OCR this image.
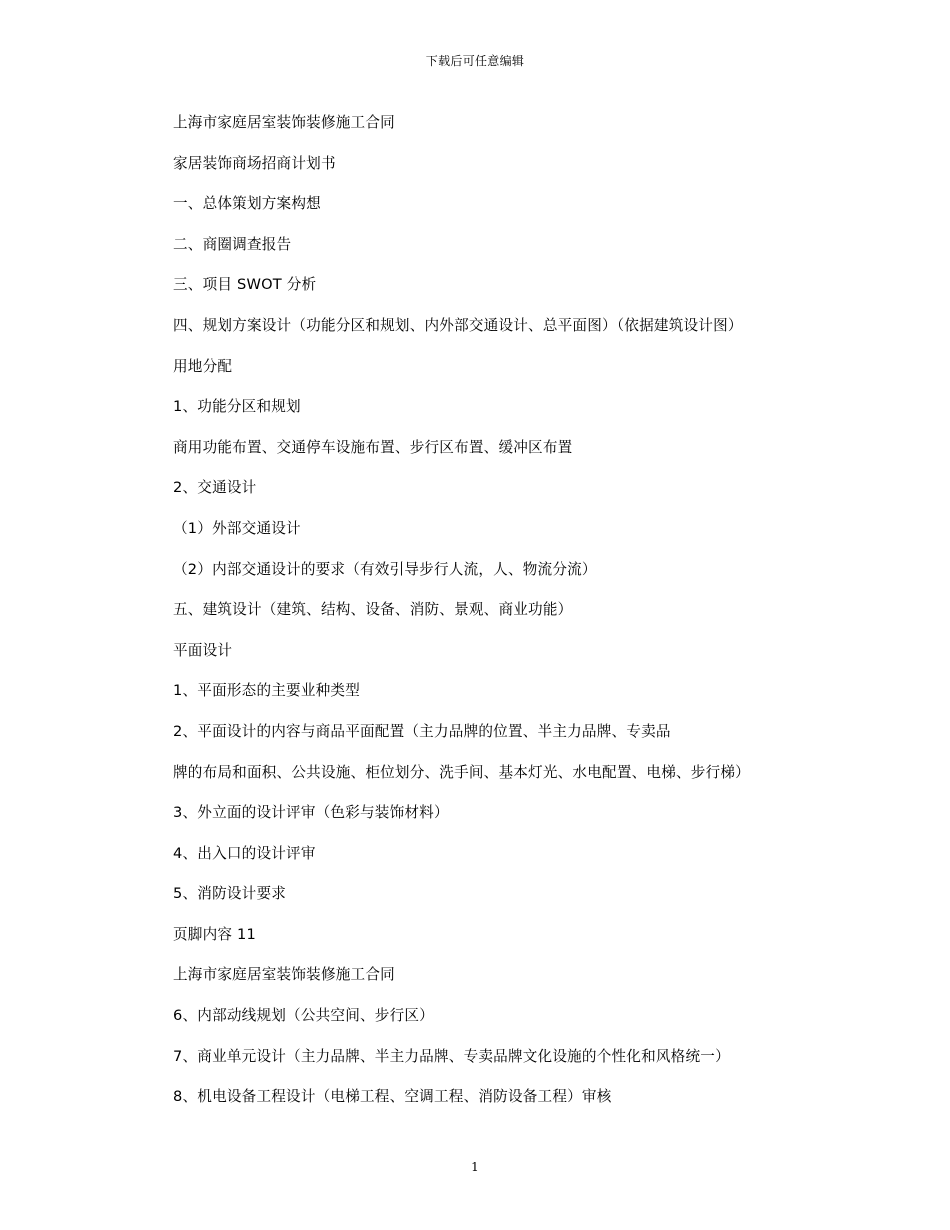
下载后可任意编辑
上海市家庭居室装饰装修施工合同
家居装饰商场招商计划书
一、总体策划方案构想
二、商圈调查报告
三、项目 SWOT 分析
四、规划方案设计（功能分区和规划、内外部交通设计、总平面图）（依据建筑设计图）
用地分配
1、功能分区和规划
商用功能布置、交通停车设施布置、步行区布置、缓冲区布置
2、交通设计
（1）外部交通设计
（2）内部交通设计的要求（有效引导步行人流，人、物流分流）
五、建筑设计（建筑、结构、设备、消防、景观、商业功能）
平面设计
1、平面形态的主要业种类型
2、平面设计的内容与商品平面配置（主力品牌的位置、半主力品牌、专卖品
牌的布局和面积、公共设施、柜位划分、洗手间、基本灯光、水电配置、电梯、步行梯）
3、外立面的设计评审（色彩与装饰材料）
4、出入口的设计评审
5、消防设计要求
页脚内容 11
上海市家庭居室装饰装修施工合同
6、内部动线规划（公共空间、步行区）
7、商业单元设计（主力品牌、半主力品牌、专卖品牌文化设施的个性化和风格统一）
8、机电设备工程设计（电梯工程、空调工程、消防设备工程）审核
1
